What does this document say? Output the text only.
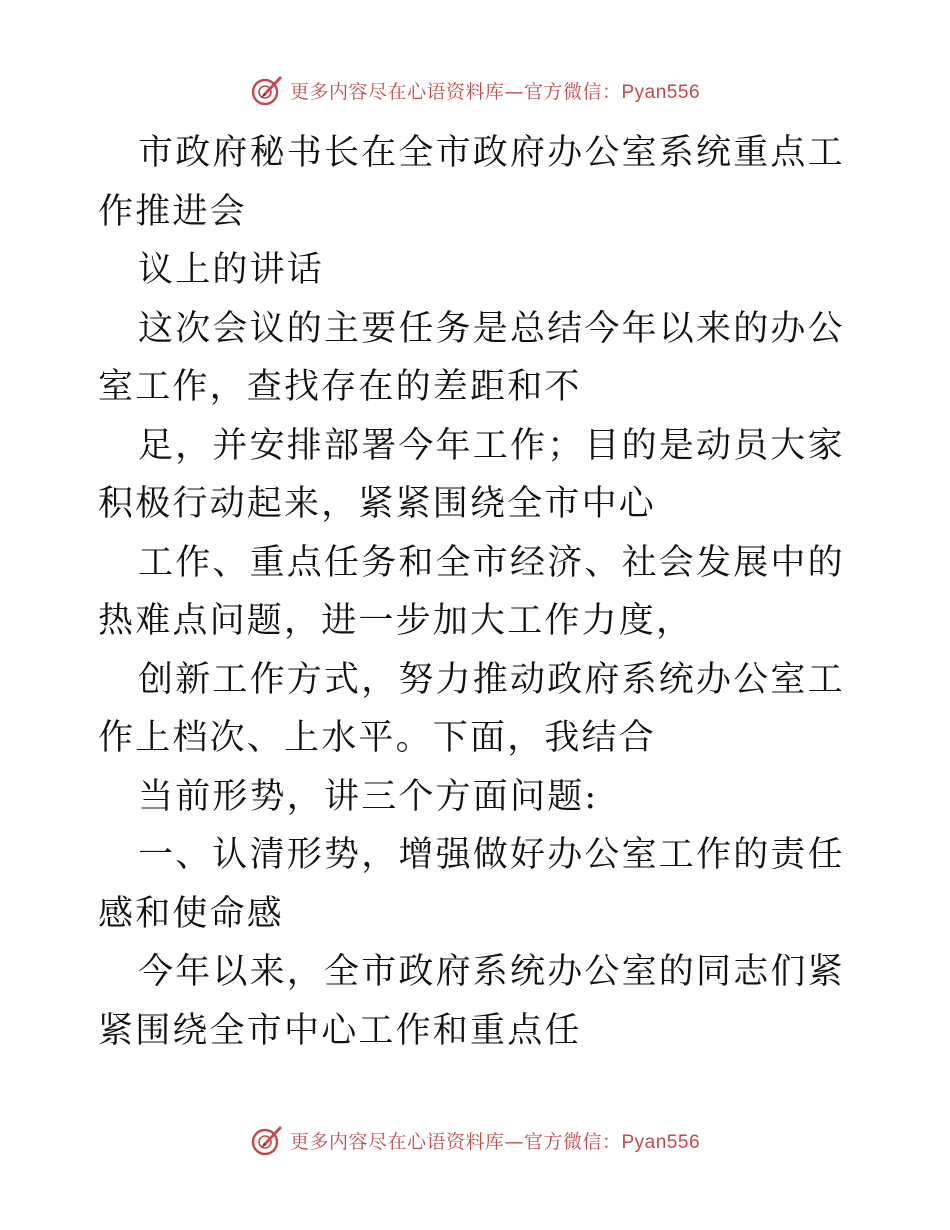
更多内容尽在心语资料库—官方微信：Pyan556

市政府秘书长在全市政府办公室系统重点工作推进会

议上的讲话

这次会议的主要任务是总结今年以来的办公室工作，查找存在的差距和不

足，并安排部署今年工作；目的是动员大家积极行动起来，紧紧围绕全市中心

工作、重点任务和全市经济、社会发展中的热难点问题，进一步加大工作力度，

创新工作方式，努力推动政府系统办公室工作上档次、上水平。下面，我结合

当前形势，讲三个方面问题:

一、认清形势，增强做好办公室工作的责任感和使命感

今年以来，全市政府系统办公室的同志们紧紧围绕全市中心工作和重点任

更多内容尽在心语资料库—官方微信：Pyan556
